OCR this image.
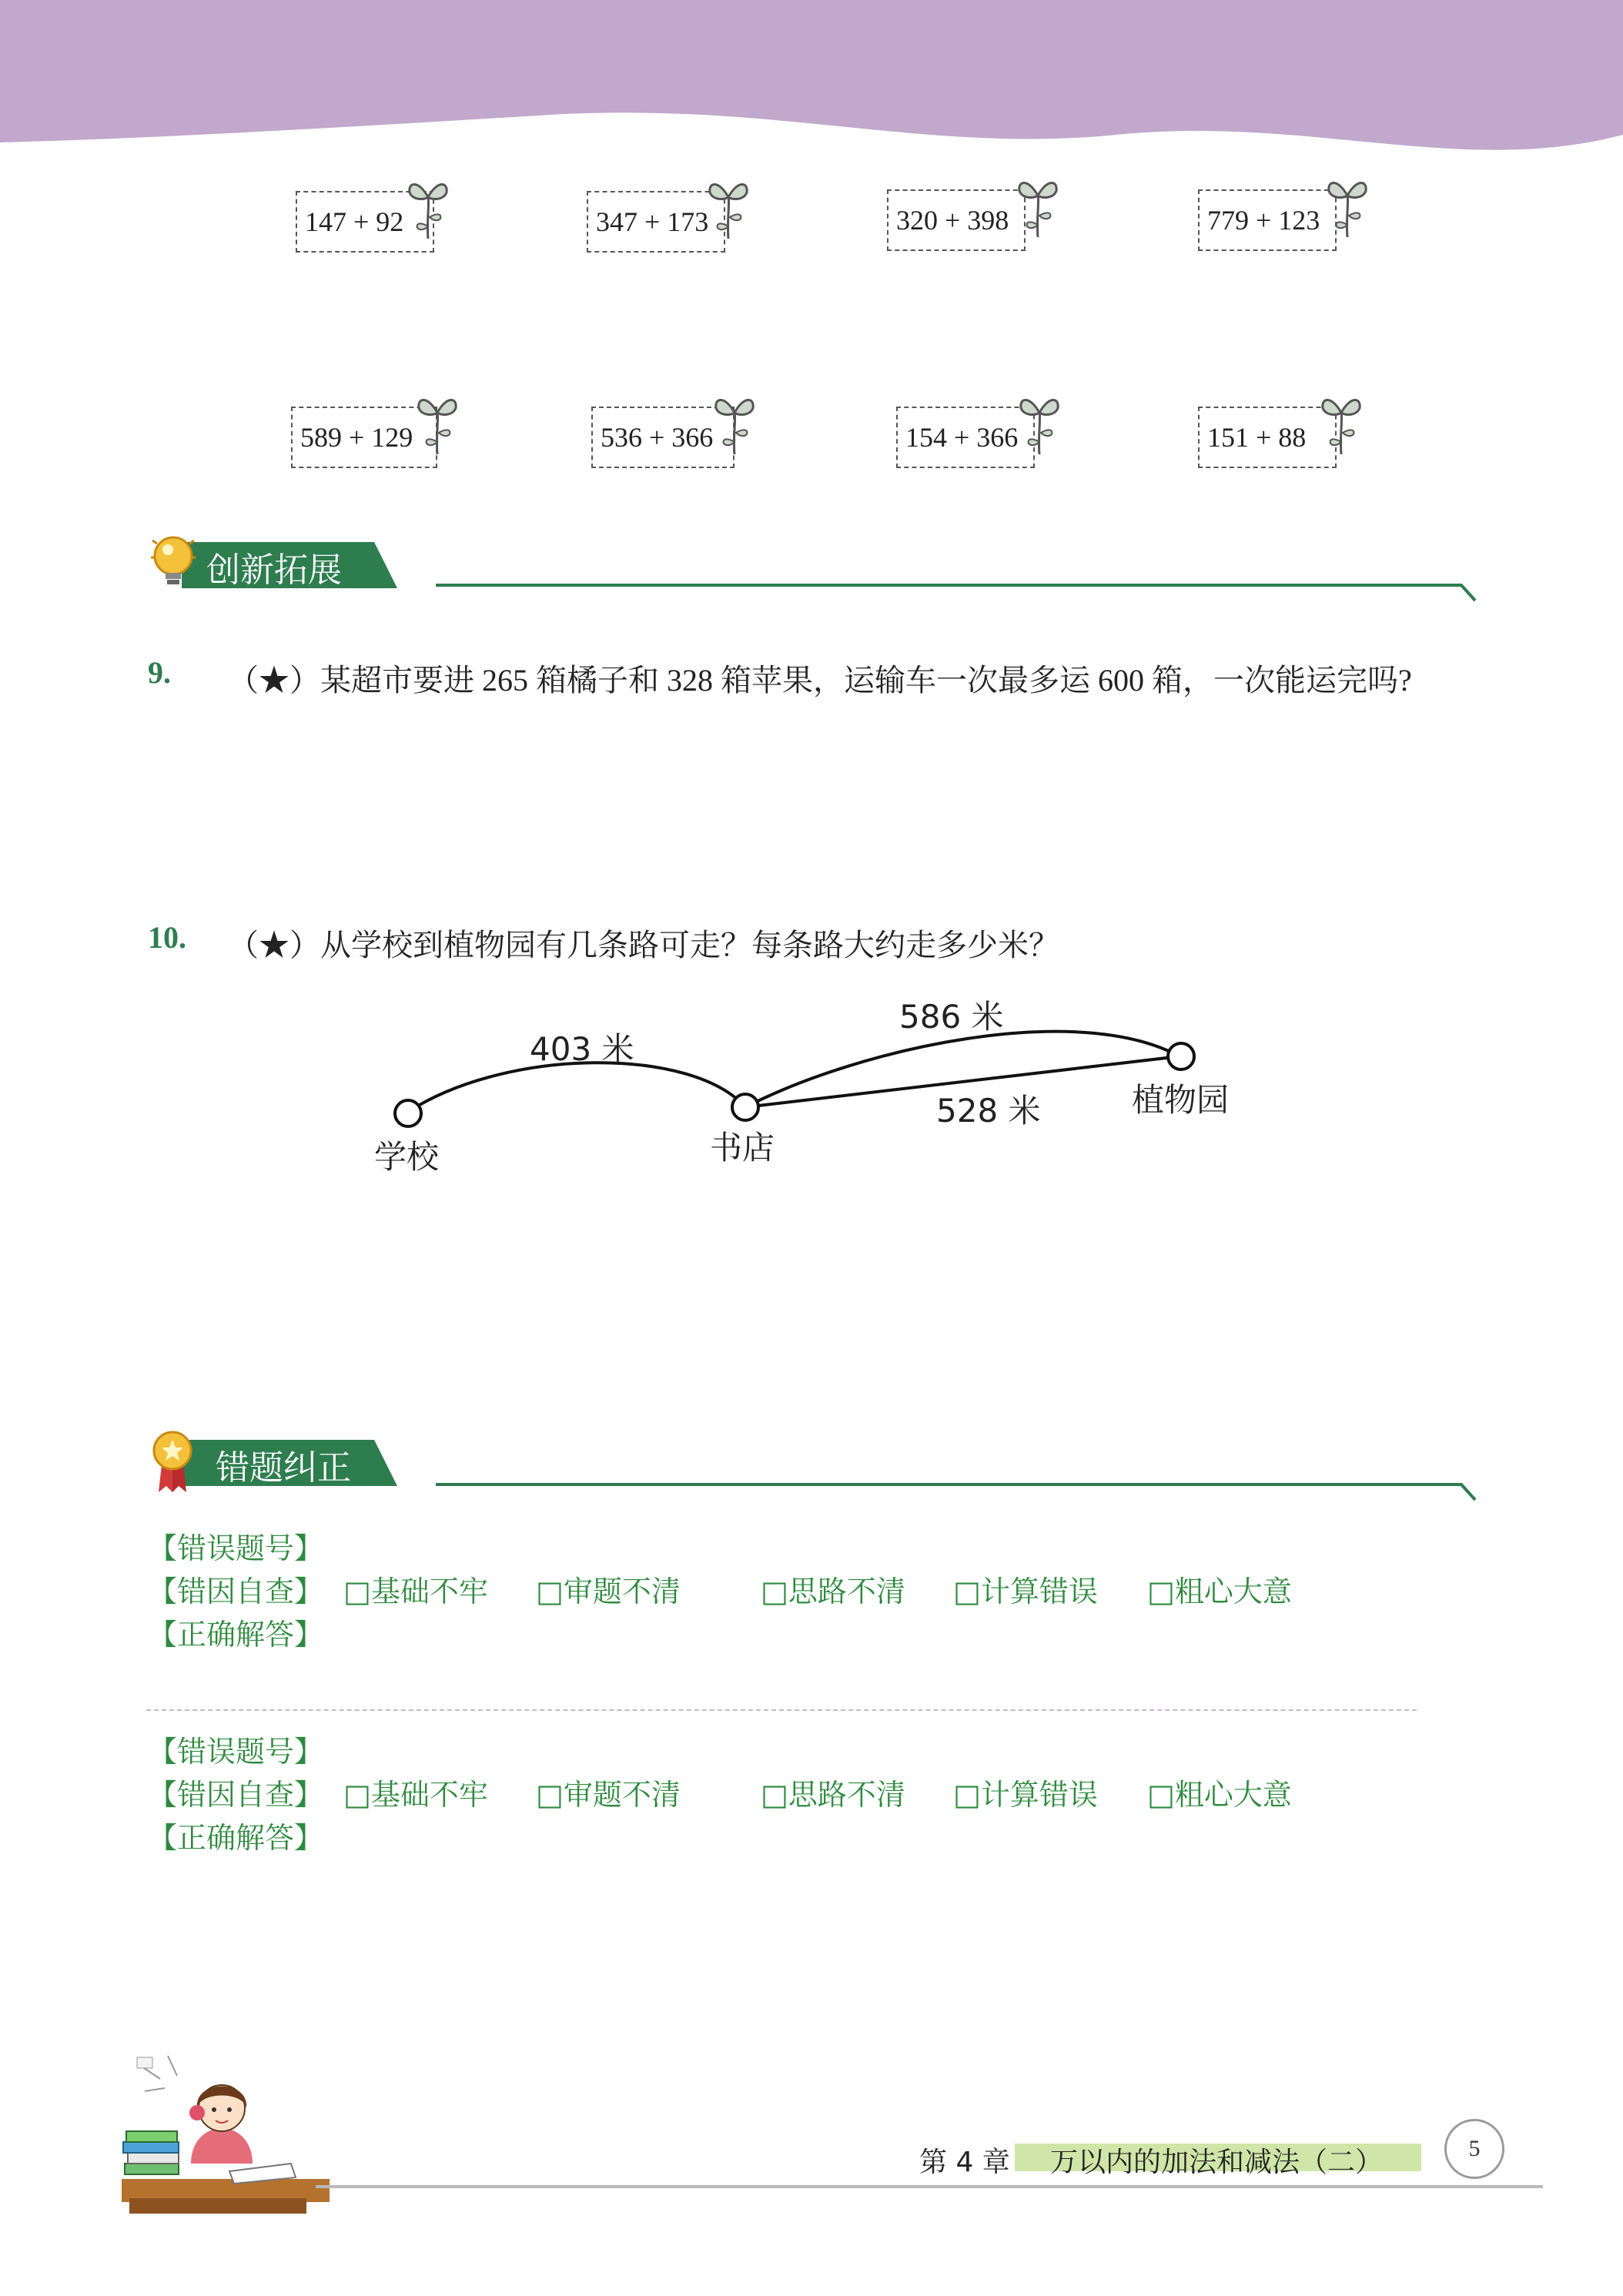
147 + 92	347 + 173	320 + 398	779 + 123
589 + 129	536 + 366	154 + 366	151 + 88
创新拓展
9. （★）某超市要进 265 箱橘子和 328 箱苹果，运输车一次最多运 600 箱，一次能运完吗?
10. （★）从学校到植物园有几条路可走？每条路大约走多少米？
403 米
586 米
528 米
学校	书店
植物园
错题纠正
【错误题号】
【错因自查】 □基础不牢 □审题不清	□思路不清 □计算错误 □粗心大意
【正确解答】
【错误题号】
【错因自查】 □基础不牢 □审题不清	□思路不清 □计算错误 □粗心大意
【正确解答】
第 4 章 万以内的加法和减法（二）	5
